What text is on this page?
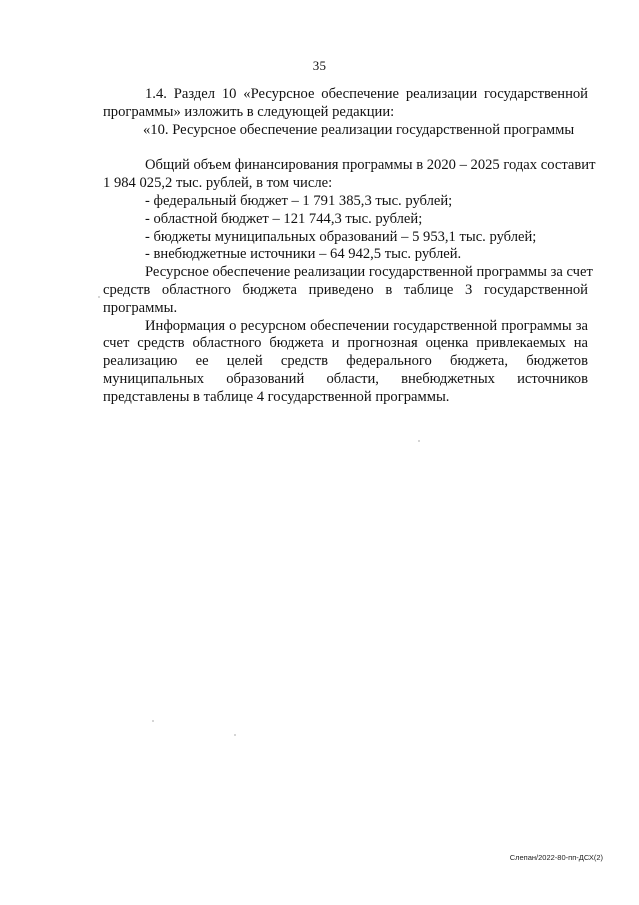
35
1.4. Раздел 10 «Ресурсное обеспечение реализации государственной
программы» изложить в следующей редакции:
«10. Ресурсное обеспечение реализации государственной программы
Общий объем финансирования программы в 2020 – 2025 годах составит
1 984 025,2 тыс. рублей, в том числе:
- федеральный бюджет – 1 791 385,3 тыс. рублей;
- областной бюджет – 121 744,3 тыс. рублей;
- бюджеты муниципальных образований – 5 953,1 тыс. рублей;
- внебюджетные источники – 64 942,5 тыс. рублей.
Ресурсное обеспечение реализации государственной программы за счет
средств областного бюджета приведено в таблице 3 государственной
программы.
Информация о ресурсном обеспечении государственной программы за
счет средств областного бюджета и прогнозная оценка привлекаемых на
реализацию ее целей средств федерального бюджета, бюджетов
муниципальных образований области, внебюджетных источников
представлены в таблице 4 государственной программы.
Слепан/2022-80-пп-ДСХ(2)
